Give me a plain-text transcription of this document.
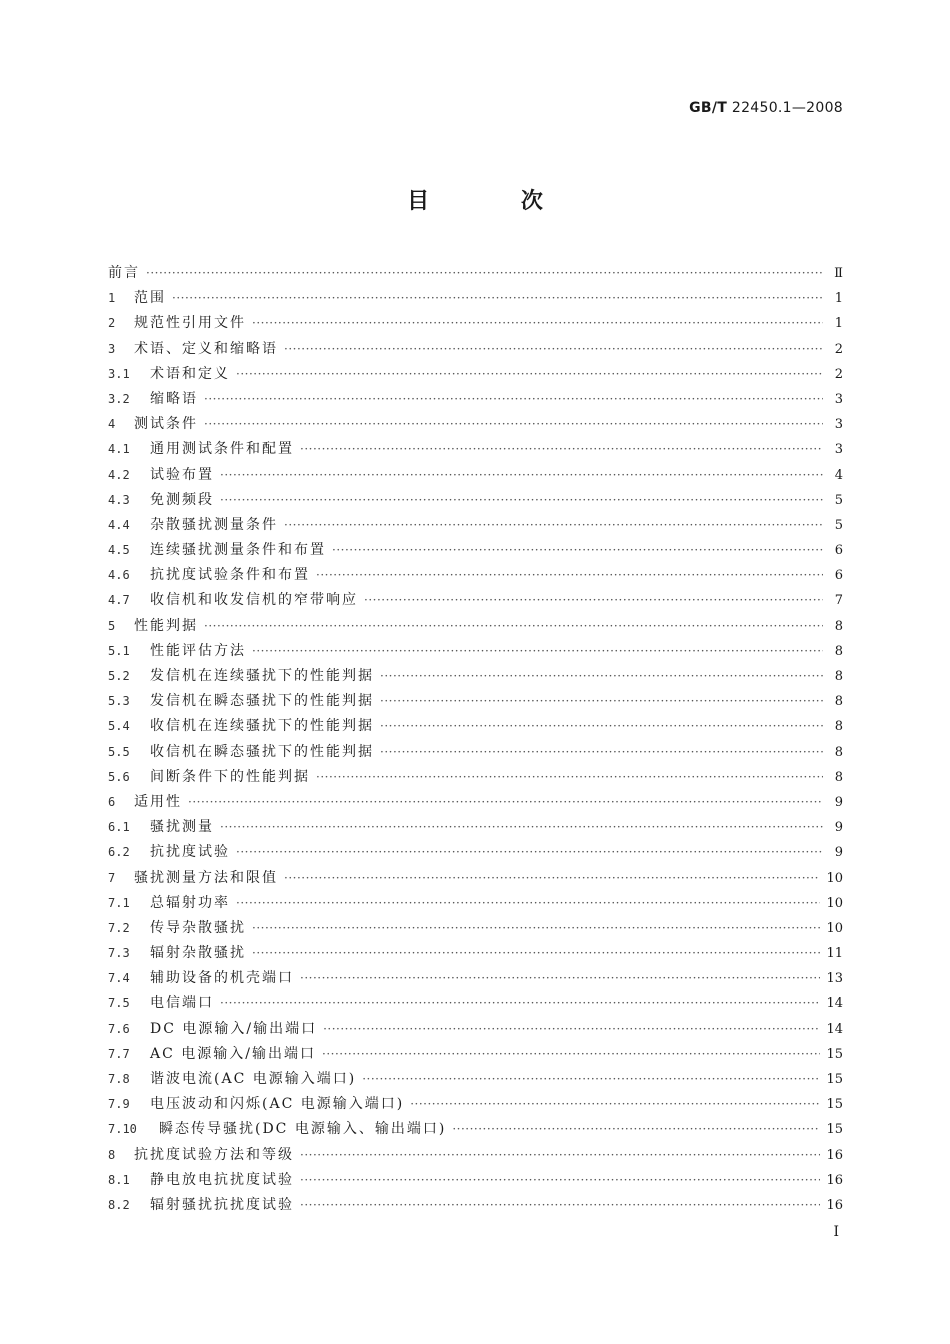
GB/T 22450.1—2008
目 次
前言 ·····	Ⅱ
1	范围 ·····	1
2	规范性引用文件 ·····	1
3	术语、定义和缩略语 ·····	2
3.1	术语和定义 ·····	2
3.2	缩略语 ·····	3
4	测试条件 ·····	3
4.1	通用测试条件和配置 ·····	3
4.2	试验布置 ·····	4
4.3	免测频段 ·····	5
4.4	杂散骚扰测量条件 ·····	5
4.5	连续骚扰测量条件和布置 ·····	6
4.6	抗扰度试验条件和布置 ·····	6
4.7	收信机和收发信机的窄带响应 ·····	7
5	性能判据 ·····	8
5.1	性能评估方法 ·····	8
5.2	发信机在连续骚扰下的性能判据 ·····	8
5.3	发信机在瞬态骚扰下的性能判据 ·····	8
5.4	收信机在连续骚扰下的性能判据 ·····	8
5.5	收信机在瞬态骚扰下的性能判据 ·····	8
5.6	间断条件下的性能判据 ·····	8
6	适用性 ·····	9
6.1	骚扰测量 ·····	9
6.2	抗扰度试验 ·····	9
7	骚扰测量方法和限值 ·····	10
7.1	总辐射功率 ·····	10
7.2	传导杂散骚扰 ·····	10
7.3	辐射杂散骚扰 ·····	11
7.4	辅助设备的机壳端口 ·····	13
7.5	电信端口 ·····	14
7.6	DC 电源输入/输出端口 ·····	14
7.7	AC 电源输入/输出端口 ·····	15
7.8	谐波电流(AC 电源输入端口) ·····	15
7.9	电压波动和闪烁(AC 电源输入端口) ·····	15
7.10	瞬态传导骚扰(DC 电源输入、输出端口) ·····	15
8	抗扰度试验方法和等级 ·····	16
8.1	静电放电抗扰度试验 ·····	16
8.2	辐射骚扰抗扰度试验 ·····	16
I
